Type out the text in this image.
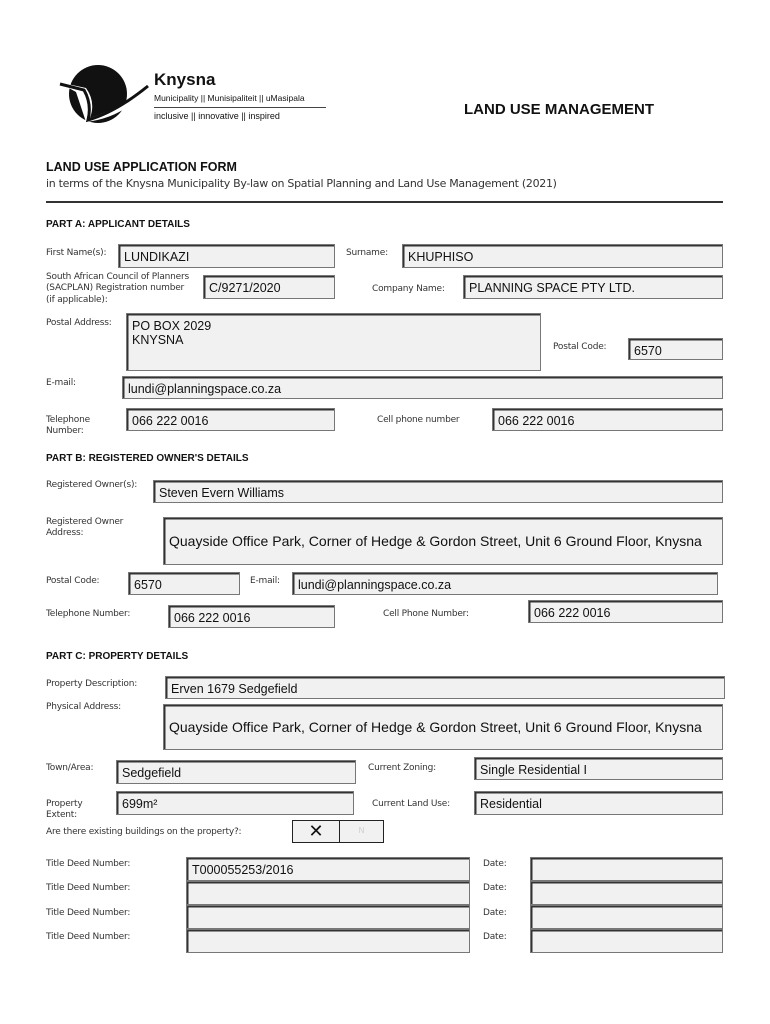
Knysna
Municipality || Munisipaliteit || uMasipala
inclusive || innovative || inspired	LAND USE MANAGEMENT
LAND USE APPLICATION FORM
in terms of the Knysna Municipality By-law on Spatial Planning and Land Use Management (2021)
PART A: APPLICANT DETAILS
First Name(s):	LUNDIKAZI	Surname:	KHUPHISO
South African Council of Planners
(SACPLAN) Registration number
(if applicable):
C/9271/2020	Company Name:	PLANNING SPACE PTY LTD.
Postal Address:	PO BOX 2029
KNYSNA	Postal Code:	6570
E-mail:	lundi@planningspace.co.za
Telephone
Number:
066 222 0016	Cell phone number	066 222 0016
PART B: REGISTERED OWNER'S DETAILS
Registered Owner(s):
Steven Evern Williams
Registered Owner
Address:	Quayside Office Park, Corner of Hedge & Gordon Street, Unit 6 Ground Floor, Knysna
Postal Code:	6570	E-mail:	lundi@planningspace.co.za
Telephone Number:	066 222 0016	Cell Phone Number:	066 222 0016
PART C: PROPERTY DETAILS
Property Description:	Erven 1679 Sedgefield
Physical Address:
Quayside Office Park, Corner of Hedge & Gordon Street, Unit 6 Ground Floor, Knysna
Town/Area:	Sedgefield	Current Zoning:	Single Residential I
Property
Extent:
699m²	Current Land Use:	Residential
Are there existing buildings on the property?:	✕	N
Title Deed Number:	T000055253/2016	Date:
Title Deed Number:	Date:
Title Deed Number:	Date:
Title Deed Number:	Date:
